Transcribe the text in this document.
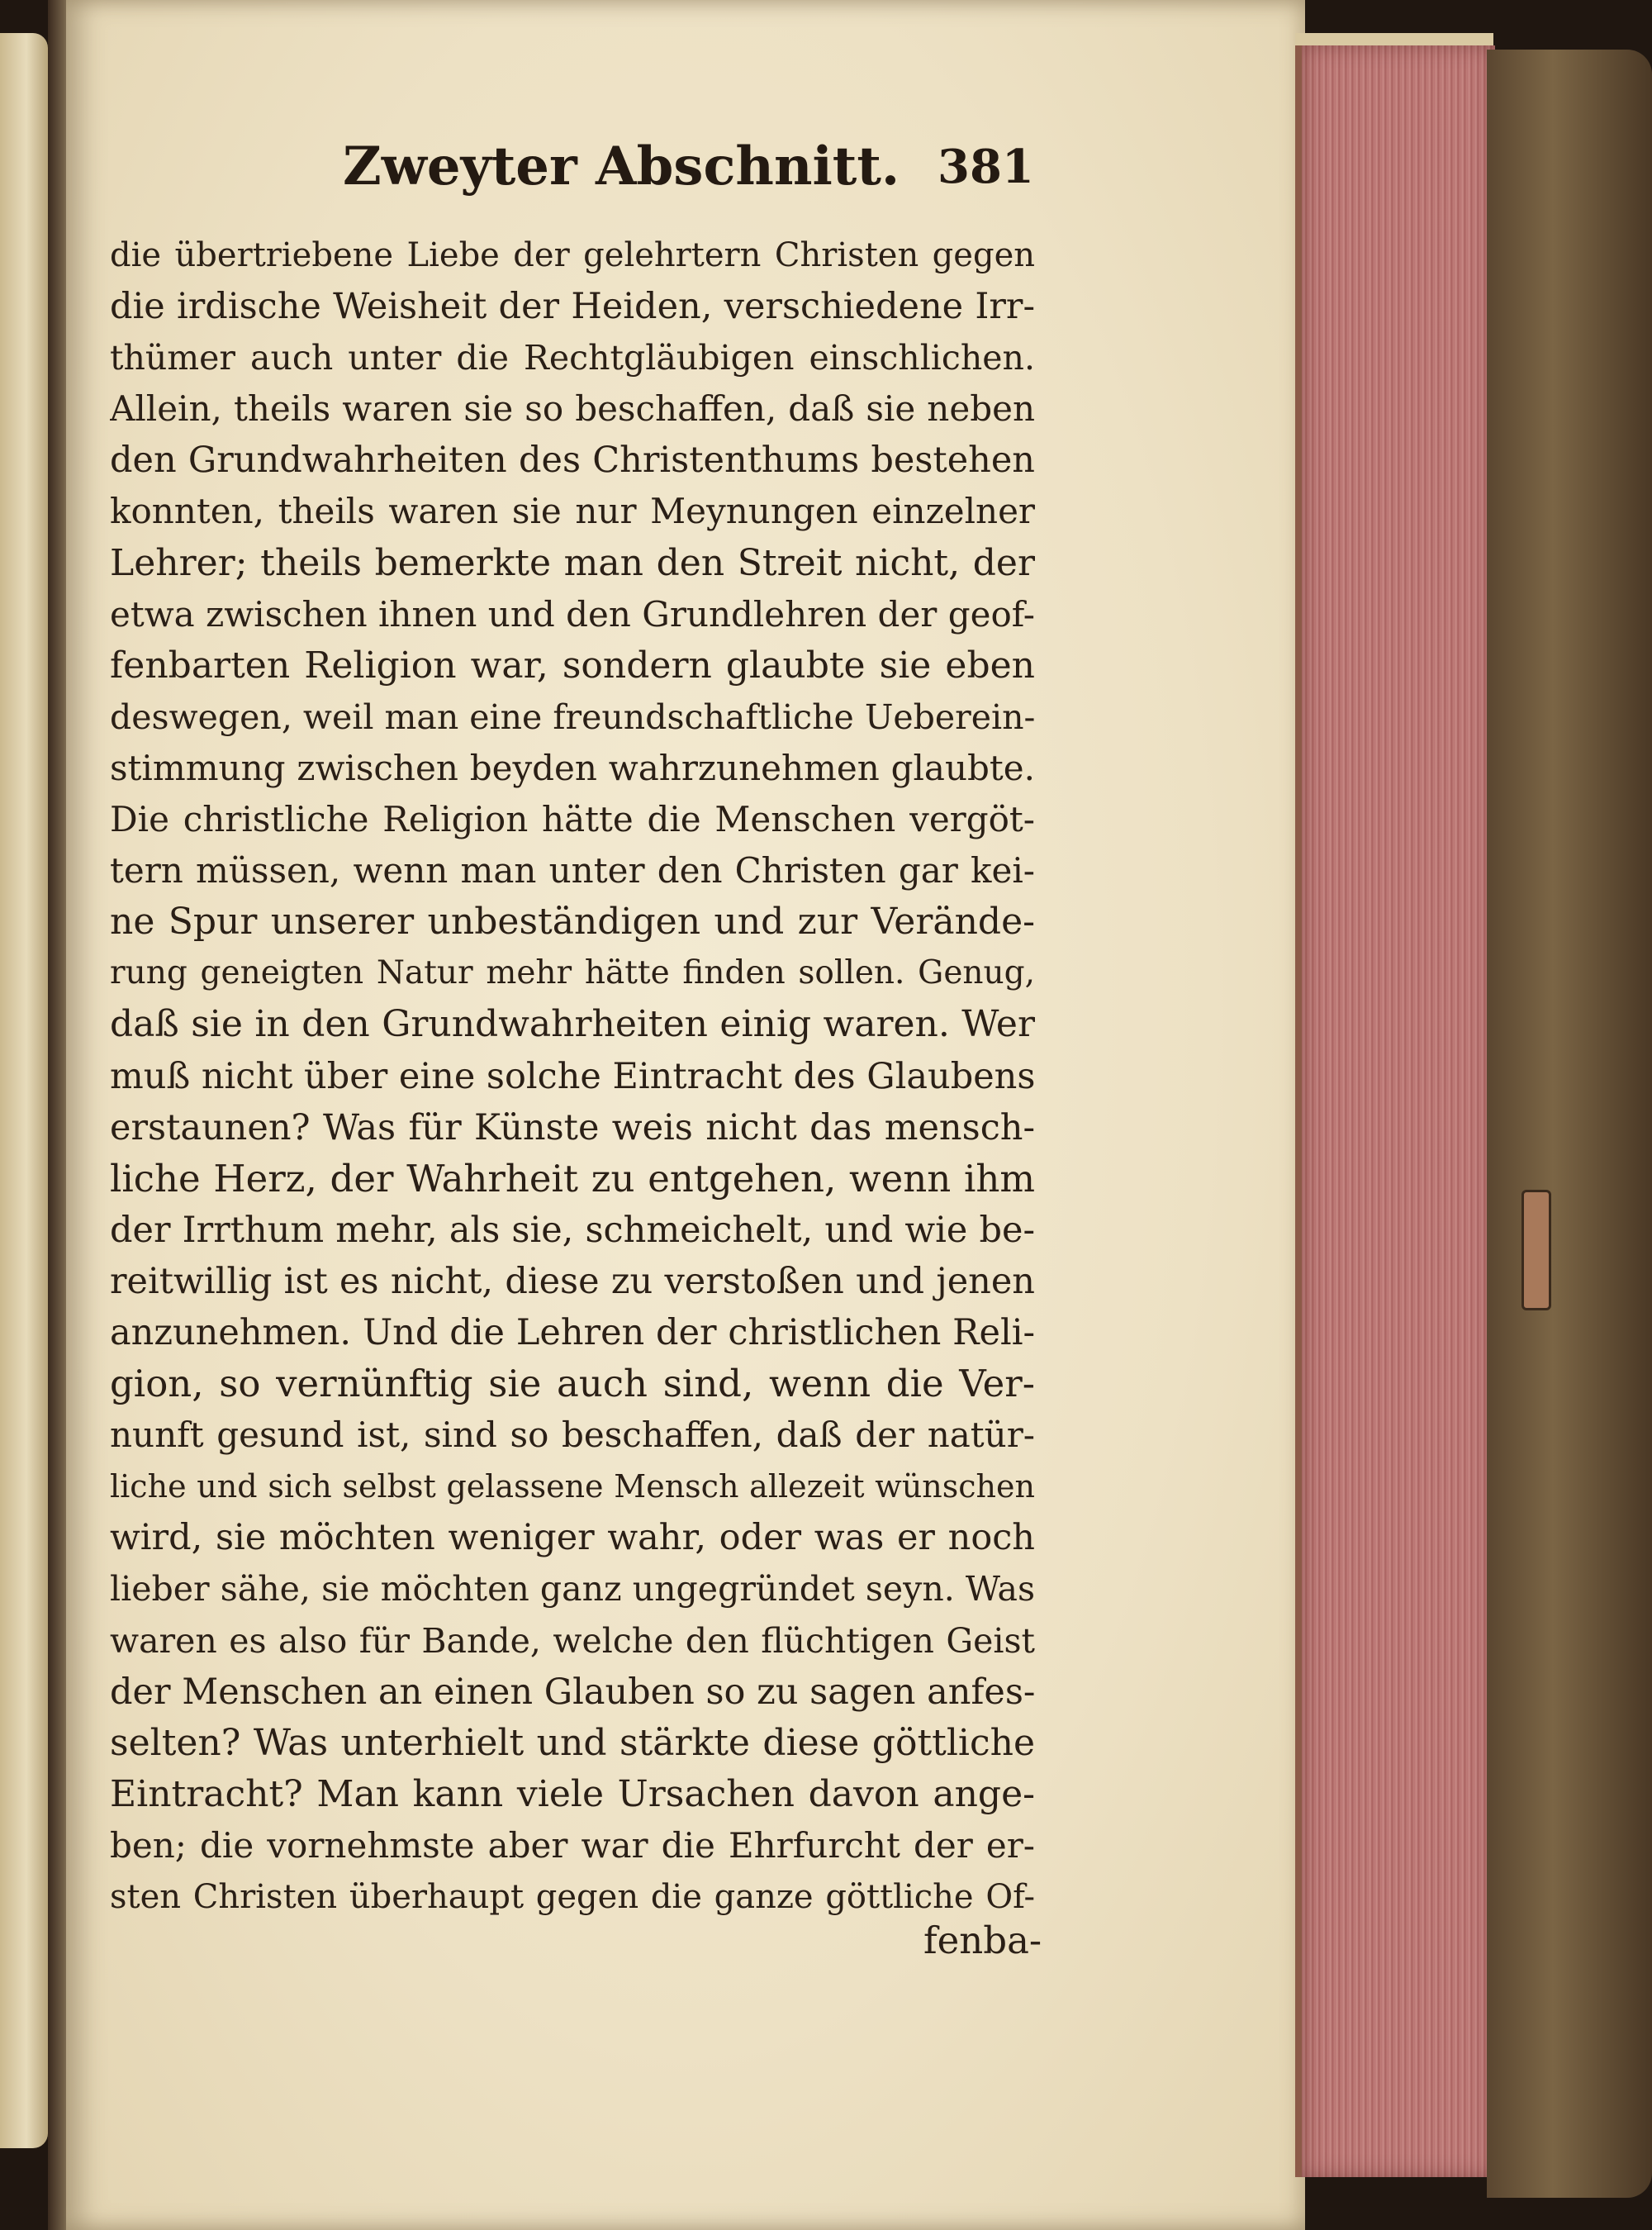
Zweyter Abschnitt. 381
die übertriebene Liebe der gelehrtern Christen gegen
die irdische Weisheit der Heiden, verschiedene Irr-
thümer auch unter die Rechtgläubigen einschlichen.
Allein, theils waren sie so beschaffen, daß sie neben
den Grundwahrheiten des Christenthums bestehen
konnten, theils waren sie nur Meynungen einzelner
Lehrer; theils bemerkte man den Streit nicht, der
etwa zwischen ihnen und den Grundlehren der geof-
fenbarten Religion war, sondern glaubte sie eben
deswegen, weil man eine freundschaftliche Ueberein-
stimmung zwischen beyden wahrzunehmen glaubte.
Die christliche Religion hätte die Menschen vergöt-
tern müssen, wenn man unter den Christen gar kei-
ne Spur unserer unbeständigen und zur Verände-
rung geneigten Natur mehr hätte finden sollen. Genug,
daß sie in den Grundwahrheiten einig waren. Wer
muß nicht über eine solche Eintracht des Glaubens
erstaunen? Was für Künste weis nicht das mensch-
liche Herz, der Wahrheit zu entgehen, wenn ihm
der Irrthum mehr, als sie, schmeichelt, und wie be-
reitwillig ist es nicht, diese zu verstoßen und jenen
anzunehmen. Und die Lehren der christlichen Reli-
gion, so vernünftig sie auch sind, wenn die Ver-
nunft gesund ist, sind so beschaffen, daß der natür-
liche und sich selbst gelassene Mensch allezeit wünschen
wird, sie möchten weniger wahr, oder was er noch
lieber sähe, sie möchten ganz ungegründet seyn. Was
waren es also für Bande, welche den flüchtigen Geist
der Menschen an einen Glauben so zu sagen anfes-
selten? Was unterhielt und stärkte diese göttliche
Eintracht? Man kann viele Ursachen davon ange-
ben; die vornehmste aber war die Ehrfurcht der er-
sten Christen überhaupt gegen die ganze göttliche Of-
fenba-
